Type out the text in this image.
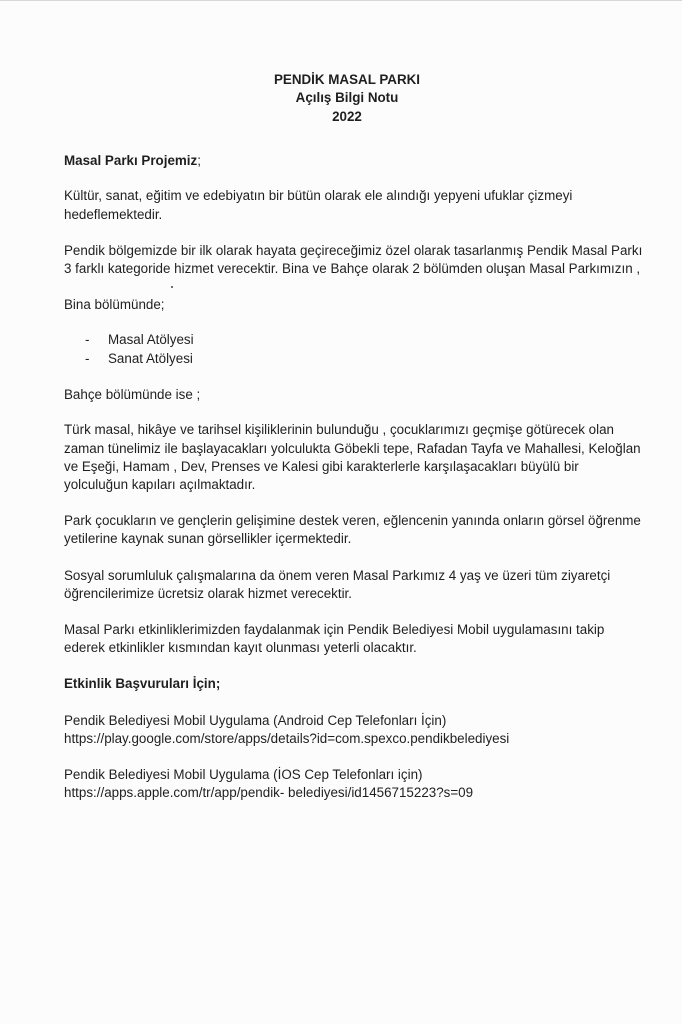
PENDİK MASAL PARKI
Açılış Bilgi Notu
2022

Masal Parkı Projemiz;

Kültür, sanat, eğitim ve edebiyatın bir bütün olarak ele alındığı yepyeni ufuklar çizmeyi hedeflemektedir.

Pendik bölgemizde bir ilk olarak hayata geçireceğimiz özel olarak tasarlanmış Pendik Masal Parkı 3 farklı kategoride hizmet verecektir. Bina ve Bahçe olarak 2 bölümden oluşan Masal Parkımızın ,

Bina bölümünde;

- Masal Atölyesi
- Sanat Atölyesi

Bahçe bölümünde ise ;

Türk masal, hikâye ve tarihsel kişiliklerinin bulunduğu , çocuklarımızı geçmişe götürecek olan zaman tünelimiz ile başlayacakları yolculukta Göbekli tepe, Rafadan Tayfa ve Mahallesi, Keloğlan ve Eşeği, Hamam , Dev, Prenses ve Kalesi gibi karakterlerle karşılaşacakları büyülü bir yolculuğun kapıları açılmaktadır.

Park çocukların ve gençlerin gelişimine destek veren, eğlencenin yanında onların görsel öğrenme yetilerine kaynak sunan görsellikler içermektedir.

Sosyal sorumluluk çalışmalarına da önem veren Masal Parkımız 4 yaş ve üzeri tüm ziyaretçi öğrencilerimize ücretsiz olarak hizmet verecektir.

Masal Parkı etkinliklerimizden faydalanmak için Pendik Belediyesi Mobil uygulamasını takip ederek etkinlikler kısmından kayıt olunması yeterli olacaktır.

Etkinlik Başvuruları İçin;

Pendik Belediyesi Mobil Uygulama (Android Cep Telefonları İçin)
https://play.google.com/store/apps/details?id=com.spexco.pendikbelediyesi

Pendik Belediyesi Mobil Uygulama (İOS Cep Telefonları için)
https://apps.apple.com/tr/app/pendik- belediyesi/id1456715223?s=09
